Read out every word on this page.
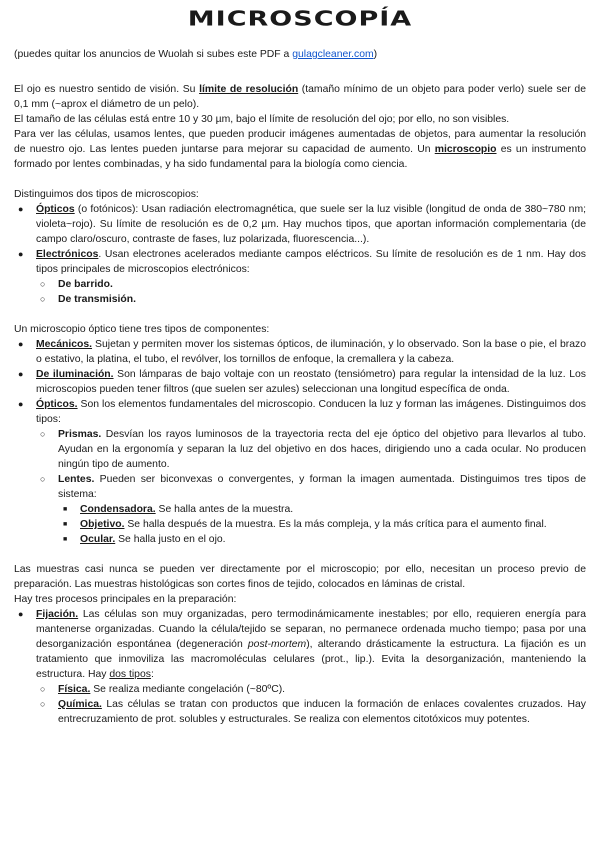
MICROSCOPÍA
(puedes quitar los anuncios de Wuolah si subes este PDF a gulagcleaner.com)

El ojo es nuestro sentido de visión. Su límite de resolución (tamaño mínimo de un objeto para poder verlo) suele ser de 0,1 mm (~aprox el diámetro de un pelo).

El tamaño de las células está entre 10 y 30 µm, bajo el límite de resolución del ojo; por ello, no son visibles.

Para ver las células, usamos lentes, que pueden producir imágenes aumentadas de objetos, para aumentar la resolución de nuestro ojo. Las lentes pueden juntarse para mejorar su capacidad de aumento. Un microscopio es un instrumento formado por lentes combinadas, y ha sido fundamental para la biología como ciencia.

Distinguimos dos tipos de microscopios:

● Ópticos (o fotónicos): Usan radiación electromagnética, que suele ser la luz visible (longitud de onda de 380~780 nm; violeta~rojo). Su límite de resolución es de 0,2 µm. Hay muchos tipos, que aportan información complementaria (de campo claro/oscuro, contraste de fases, luz polarizada, fluorescencia...).
● Electrónicos. Usan electrones acelerados mediante campos eléctricos. Su límite de resolución es de 1 nm. Hay dos tipos principales de microscopios electrónicos:
○ De barrido.
○ De transmisión.

Un microscopio óptico tiene tres tipos de componentes:

● Mecánicos. Sujetan y permiten mover los sistemas ópticos, de iluminación, y lo observado. Son la base o pie, el brazo o estativo, la platina, el tubo, el revólver, los tornillos de enfoque, la cremallera y la cabeza.
● De iluminación. Son lámparas de bajo voltaje con un reostato (tensiómetro) para regular la intensidad de la luz. Los microscopios pueden tener filtros (que suelen ser azules) seleccionan una longitud específica de onda.
● Ópticos. Son los elementos fundamentales del microscopio. Conducen la luz y forman las imágenes. Distinguimos dos tipos:
○ Prismas. Desvían los rayos luminosos de la trayectoria recta del eje óptico del objetivo para llevarlos al tubo. Ayudan en la ergonomía y separan la luz del objetivo en dos haces, dirigiendo uno a cada ocular. No producen ningún tipo de aumento.
○ Lentes. Pueden ser biconvexas o convergentes, y forman la imagen aumentada. Distinguimos tres tipos de sistema:
■ Condensadora. Se halla antes de la muestra.
■ Objetivo. Se halla después de la muestra. Es la más compleja, y la más crítica para el aumento final.
■ Ocular. Se halla justo en el ojo.

Las muestras casi nunca se pueden ver directamente por el microscopio; por ello, necesitan un proceso previo de preparación. Las muestras histológicas son cortes finos de tejido, colocados en láminas de cristal.

Hay tres procesos principales en la preparación:

● Fijación. Las células son muy organizadas, pero termodinámicamente inestables; por ello, requieren energía para mantenerse organizadas. Cuando la célula/tejido se separan, no permanece ordenada mucho tiempo; pasa por una desorganización espontánea (degeneración post-mortem), alterando drásticamente la estructura. La fijación es un tratamiento que inmoviliza las macromoléculas celulares (prot., lip.). Evita la desorganización, manteniendo la estructura. Hay dos tipos:
○ Física. Se realiza mediante congelación (~80ºC).
○ Química. Las células se tratan con productos que inducen la formación de enlaces covalentes cruzados. Hay entrecruzamiento de prot. solubles y estructurales. Se realiza con elementos citotóxicos muy potentes.
